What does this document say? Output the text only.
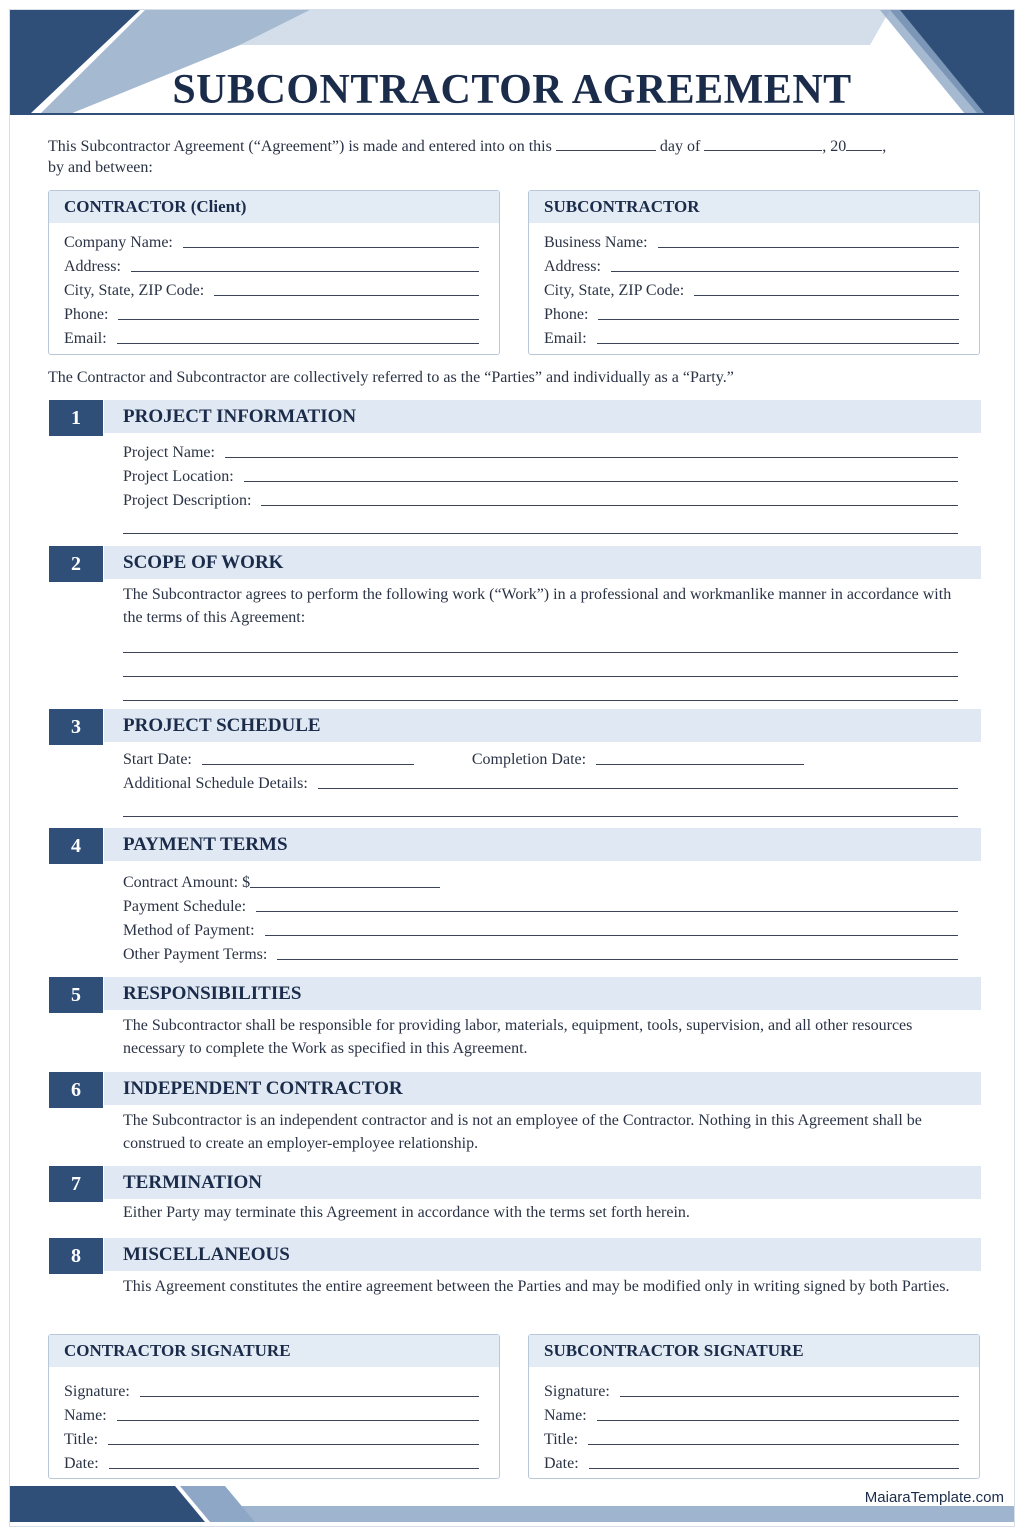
SUBCONTRACTOR AGREEMENT
This Subcontractor Agreement (“Agreement”) is made and entered into on this	day of	, 20 ,
by and between:
CONTRACTOR (Client)
Company Name:
Address:
City, State, ZIP Code:
Phone:
Email:
SUBCONTRACTOR
Business Name:
Address:
City, State, ZIP Code:
Phone:
Email:
The Contractor and Subcontractor are collectively referred to as the “Parties” and individually as a “Party.”
1	PROJECT INFORMATION
Project Name:
Project Location:
Project Description:
2	SCOPE OF WORK
The Subcontractor agrees to perform the following work (“Work”) in a professional and workmanlike manner in accordance with the terms of this Agreement:
3	PROJECT SCHEDULE
Start Date:	Completion Date:
Additional Schedule Details:
4	PAYMENT TERMS
Contract Amount: $
Payment Schedule:
Method of Payment:
Other Payment Terms:
5	RESPONSIBILITIES
The Subcontractor shall be responsible for providing labor, materials, equipment, tools, supervision, and all other resources necessary to complete the Work as specified in this Agreement.
6	INDEPENDENT CONTRACTOR
The Subcontractor is an independent contractor and is not an employee of the Contractor. Nothing in this Agreement shall be construed to create an employer-employee relationship.
7	TERMINATION
Either Party may terminate this Agreement in accordance with the terms set forth herein.
8	MISCELLANEOUS
This Agreement constitutes the entire agreement between the Parties and may be modified only in writing signed by both Parties.
CONTRACTOR SIGNATURE
Signature:
Name:
Title:
Date:
SUBCONTRACTOR SIGNATURE
Signature:
Name:
Title:
Date:
MaiaraTemplate.com
